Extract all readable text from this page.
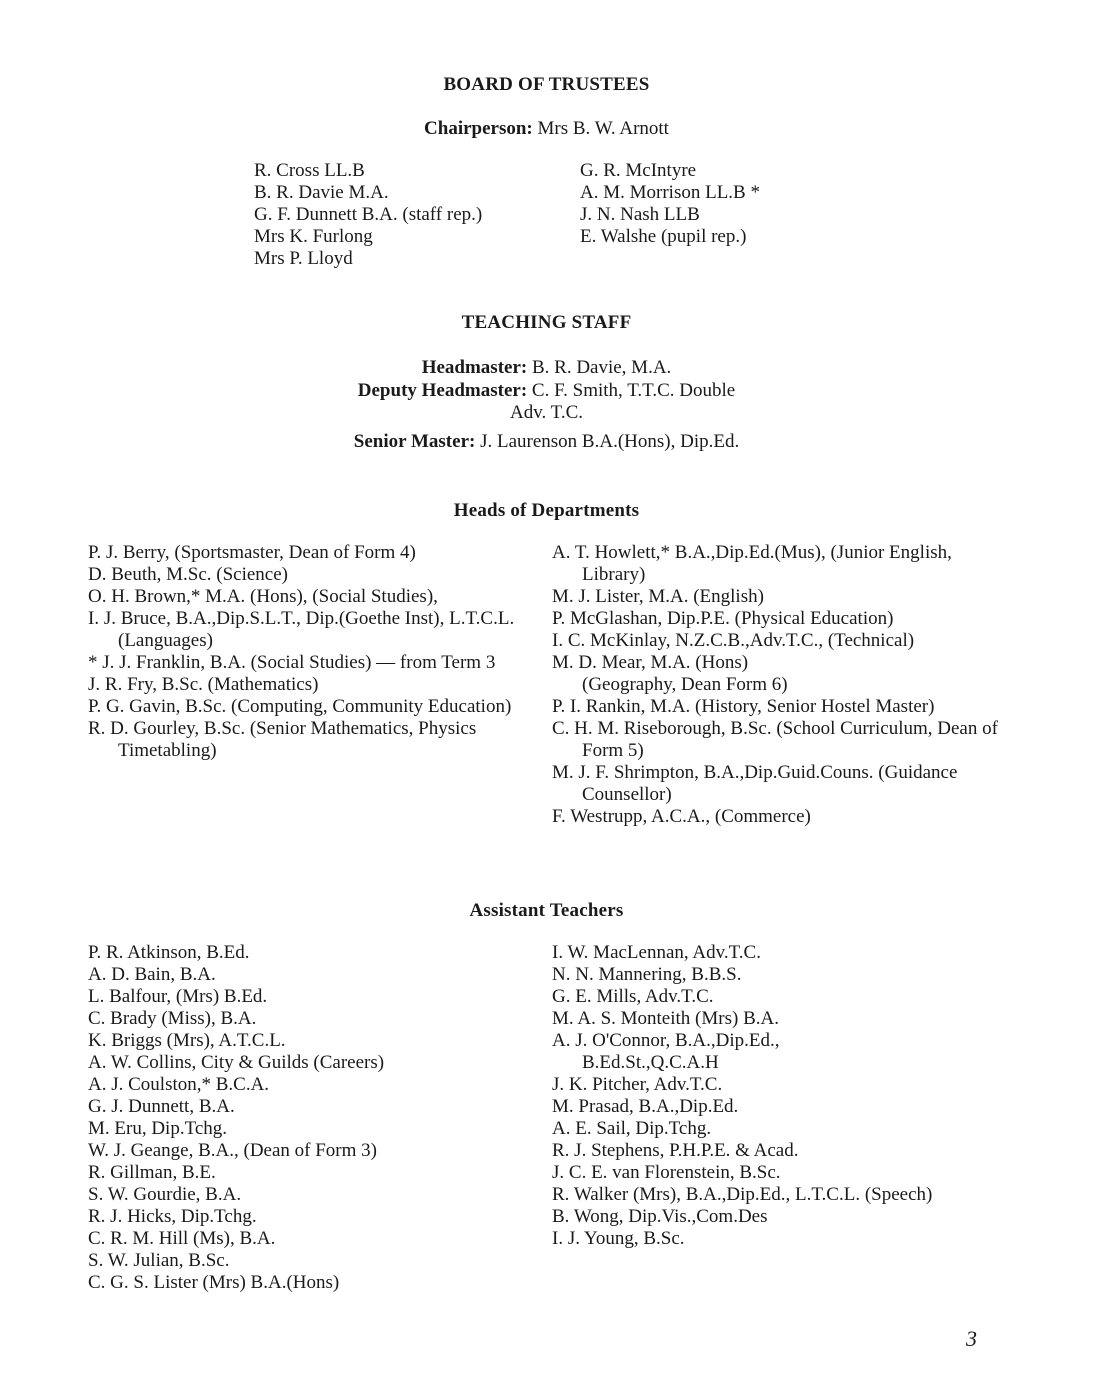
BOARD OF TRUSTEES
Chairperson: Mrs B. W. Arnott
R. Cross LL.B
B. R. Davie M.A.
G. F. Dunnett B.A. (staff rep.)
Mrs K. Furlong
Mrs P. Lloyd
G. R. McIntyre
A. M. Morrison LL.B *
J. N. Nash LLB
E. Walshe (pupil rep.)
TEACHING STAFF
Headmaster: B. R. Davie, M.A.
Deputy Headmaster: C. F. Smith, T.T.C. Double
Adv. T.C.
Senior Master: J. Laurenson B.A.(Hons), Dip.Ed.
Heads of Departments
P. J. Berry, (Sportsmaster, Dean of Form 4)
D. Beuth, M.Sc. (Science)
O. H. Brown,* M.A. (Hons), (Social Studies),
I. J. Bruce, B.A.,Dip.S.L.T., Dip.(Goethe Inst), L.T.C.L.(Languages)
* J. J. Franklin, B.A. (Social Studies) — from Term 3
J. R. Fry, B.Sc. (Mathematics)
P. G. Gavin, B.Sc. (Computing, Community Education)
R. D. Gourley, B.Sc. (Senior Mathematics, Physics Timetabling)
A. T. Howlett,* B.A.,Dip.Ed.(Mus), (Junior English, Library)
M. J. Lister, M.A. (English)
P. McGlashan, Dip.P.E. (Physical Education)
I. C. McKinlay, N.Z.C.B.,Adv.T.C., (Technical)
M. D. Mear, M.A. (Hons) (Geography, Dean Form 6)
P. I. Rankin, M.A. (History, Senior Hostel Master)
C. H. M. Riseborough, B.Sc. (School Curriculum, Dean of Form 5)
M. J. F. Shrimpton, B.A.,Dip.Guid.Couns. (Guidance Counsellor)
F. Westrupp, A.C.A., (Commerce)
Assistant Teachers
P. R. Atkinson, B.Ed.
A. D. Bain, B.A.
L. Balfour, (Mrs) B.Ed.
C. Brady (Miss), B.A.
K. Briggs (Mrs), A.T.C.L.
A. W. Collins, City & Guilds (Careers)
A. J. Coulston,* B.C.A.
G. J. Dunnett, B.A.
M. Eru, Dip.Tchg.
W. J. Geange, B.A., (Dean of Form 3)
R. Gillman, B.E.
S. W. Gourdie, B.A.
R. J. Hicks, Dip.Tchg.
C. R. M. Hill (Ms), B.A.
S. W. Julian, B.Sc.
C. G. S. Lister (Mrs) B.A.(Hons)
I. W. MacLennan, Adv.T.C.
N. N. Mannering, B.B.S.
G. E. Mills, Adv.T.C.
M. A. S. Monteith (Mrs) B.A.
A. J. O'Connor, B.A.,Dip.Ed., B.Ed.St.,Q.C.A.H
J. K. Pitcher, Adv.T.C.
M. Prasad, B.A.,Dip.Ed.
A. E. Sail, Dip.Tchg.
R. J. Stephens, P.H.P.E. & Acad.
J. C. E. van Florenstein, B.Sc.
R. Walker (Mrs), B.A.,Dip.Ed., L.T.C.L. (Speech)
B. Wong, Dip.Vis.,Com.Des
I. J. Young, B.Sc.
3
